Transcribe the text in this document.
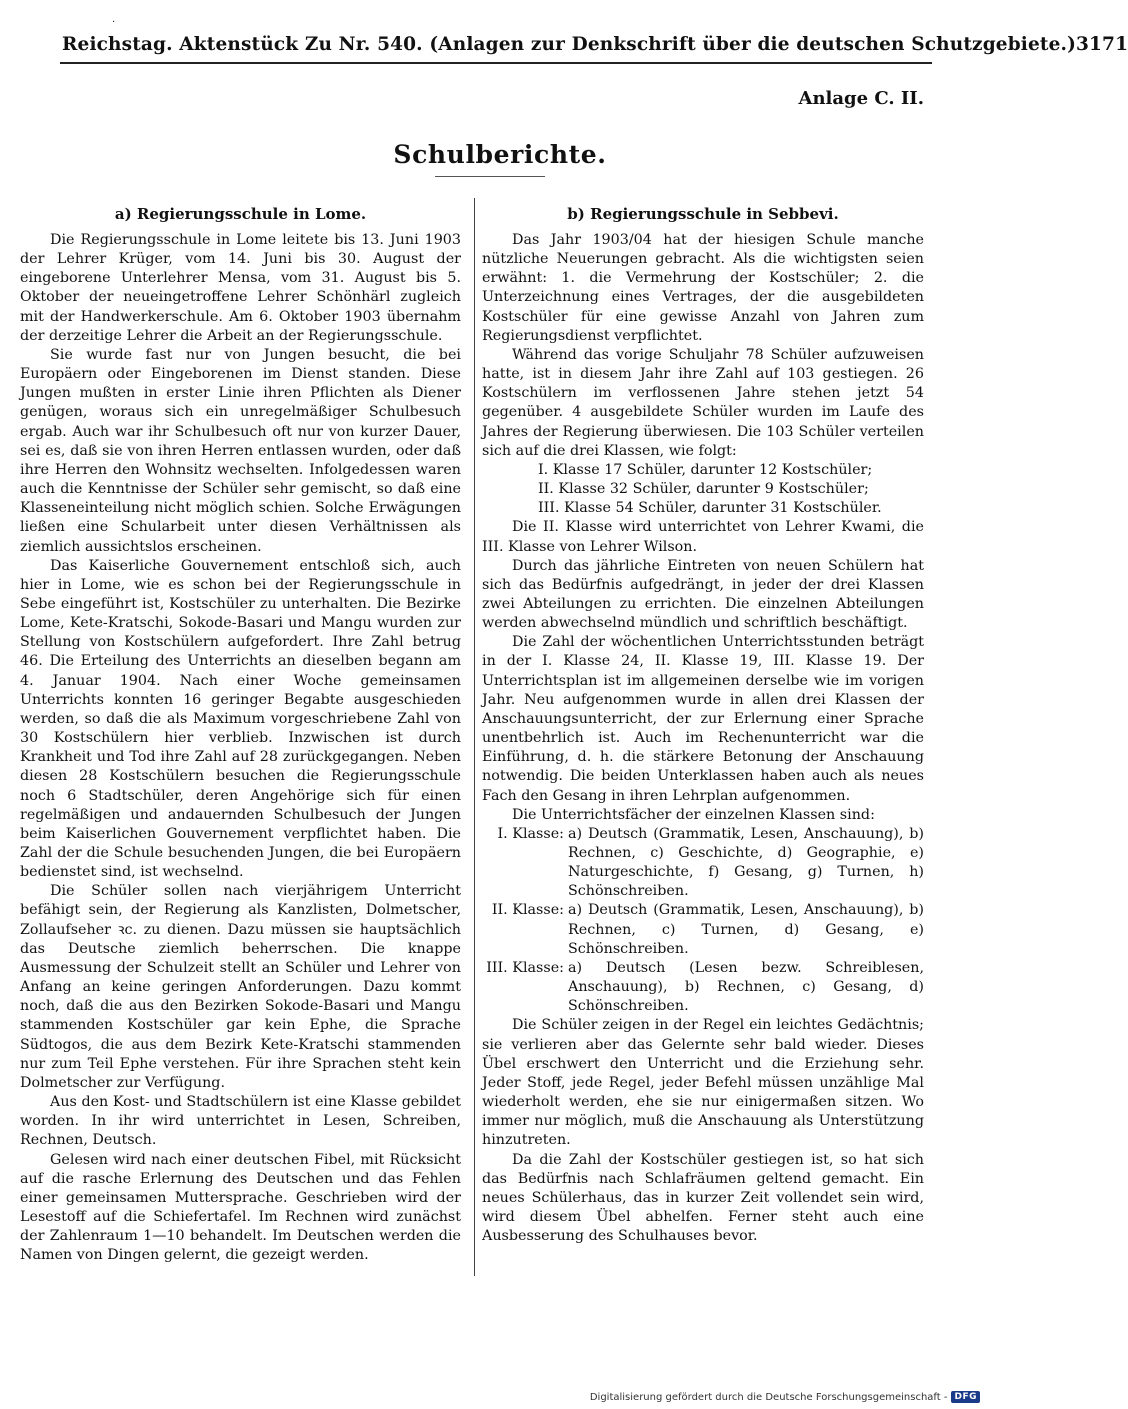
.
Reichstag. Aktenstück Zu Nr. 540. (Anlagen zur Denkschrift über die deutschen Schutzgebiete.) 3171
Anlage C. II.
Schulberichte.
a) Regierungsschule in Lome.

Die Regierungsschule in Lome leitete bis 13. Juni 1903 der Lehrer Krüger, vom 14. Juni bis 30. August der eingeborene Unterlehrer Mensa, vom 31. August bis 5. Oktober der neueingetroffene Lehrer Schönhärl zugleich mit der Handwerkerschule. Am 6. Oktober 1903 übernahm der derzeitige Lehrer die Arbeit an der Regierungsschule.

Sie wurde fast nur von Jungen besucht, die bei Europäern oder Eingeborenen im Dienst standen. Diese Jungen mußten in erster Linie ihren Pflichten als Diener genügen, woraus sich ein unregelmäßiger Schulbesuch ergab. Auch war ihr Schulbesuch oft nur von kurzer Dauer, sei es, daß sie von ihren Herren entlassen wurden, oder daß ihre Herren den Wohnsitz wechselten. Infolgedessen waren auch die Kenntnisse der Schüler sehr gemischt, so daß eine Klasseneinteilung nicht möglich schien. Solche Erwägungen ließen eine Schularbeit unter diesen Verhältnissen als ziemlich aussichtslos erscheinen.

Das Kaiserliche Gouvernement entschloß sich, auch hier in Lome, wie es schon bei der Regierungsschule in Sebe eingeführt ist, Kostschüler zu unterhalten. Die Bezirke Lome, Kete-Kratschi, Sokode-Basari und Mangu wurden zur Stellung von Kostschülern aufgefordert. Ihre Zahl betrug 46. Die Erteilung des Unterrichts an dieselben begann am 4. Januar 1904. Nach einer Woche gemeinsamen Unterrichts konnten 16 geringer Begabte ausgeschieden werden, so daß die als Maximum vorgeschriebene Zahl von 30 Kostschülern hier verblieb. Inzwischen ist durch Krankheit und Tod ihre Zahl auf 28 zurückgegangen. Neben diesen 28 Kostschülern besuchen die Regierungsschule noch 6 Stadtschüler, deren Angehörige sich für einen regelmäßigen und andauernden Schulbesuch der Jungen beim Kaiserlichen Gouvernement verpflichtet haben. Die Zahl der die Schule besuchenden Jungen, die bei Europäern bedienstet sind, ist wechselnd.

Die Schüler sollen nach vierjährigem Unterricht befähigt sein, der Regierung als Kanzlisten, Dolmetscher, Zollaufseher ꝛc. zu dienen. Dazu müssen sie hauptsächlich das Deutsche ziemlich beherrschen. Die knappe Ausmessung der Schulzeit stellt an Schüler und Lehrer von Anfang an keine geringen Anforderungen. Dazu kommt noch, daß die aus den Bezirken Sokode-Basari und Mangu stammenden Kostschüler gar kein Ephe, die Sprache Südtogos, die aus dem Bezirk Kete-Kratschi stammenden nur zum Teil Ephe verstehen. Für ihre Sprachen steht kein Dolmetscher zur Verfügung.

Aus den Kost- und Stadtschülern ist eine Klasse gebildet worden. In ihr wird unterrichtet in Lesen, Schreiben, Rechnen, Deutsch.

Gelesen wird nach einer deutschen Fibel, mit Rücksicht auf die rasche Erlernung des Deutschen und das Fehlen einer gemeinsamen Muttersprache. Geschrieben wird der Lesestoff auf die Schiefertafel. Im Rechnen wird zunächst der Zahlenraum 1—10 behandelt. Im Deutschen werden die Namen von Dingen gelernt, die gezeigt werden.

b) Regierungsschule in Sebbevi.

Das Jahr 1903/04 hat der hiesigen Schule manche nützliche Neuerungen gebracht. Als die wichtigsten seien erwähnt: 1. die Vermehrung der Kostschüler; 2. die Unterzeichnung eines Vertrages, der die ausgebildeten Kostschüler für eine gewisse Anzahl von Jahren zum Regierungsdienst verpflichtet.

Während das vorige Schuljahr 78 Schüler aufzuweisen hatte, ist in diesem Jahr ihre Zahl auf 103 gestiegen. 26 Kostschülern im verflossenen Jahre stehen jetzt 54 gegenüber. 4 ausgebildete Schüler wurden im Laufe des Jahres der Regierung überwiesen. Die 103 Schüler verteilen sich auf die drei Klassen, wie folgt:

I. Klasse 17 Schüler, darunter 12 Kostschüler;
II. Klasse 32 Schüler, darunter 9 Kostschüler;
III. Klasse 54 Schüler, darunter 31 Kostschüler.

Die II. Klasse wird unterrichtet von Lehrer Kwami, die III. Klasse von Lehrer Wilson.

Durch das jährliche Eintreten von neuen Schülern hat sich das Bedürfnis aufgedrängt, in jeder der drei Klassen zwei Abteilungen zu errichten. Die einzelnen Abteilungen werden abwechselnd mündlich und schriftlich beschäftigt.

Die Zahl der wöchentlichen Unterrichtsstunden beträgt in der I. Klasse 24, II. Klasse 19, III. Klasse 19. Der Unterrichtsplan ist im allgemeinen derselbe wie im vorigen Jahr. Neu aufgenommen wurde in allen drei Klassen der Anschauungsunterricht, der zur Erlernung einer Sprache unentbehrlich ist. Auch im Rechenunterricht war die Einführung, d. h. die stärkere Betonung der Anschauung notwendig. Die beiden Unterklassen haben auch als neues Fach den Gesang in ihren Lehrplan aufgenommen.

Die Unterrichtsfächer der einzelnen Klassen sind:

I. Klasse: a) Deutsch (Grammatik, Lesen, Anschauung), b) Rechnen, c) Geschichte, d) Geographie, e) Naturgeschichte, f) Gesang, g) Turnen, h) Schönschreiben.
II. Klasse: a) Deutsch (Grammatik, Lesen, Anschauung), b) Rechnen, c) Turnen, d) Gesang, e) Schönschreiben.
III. Klasse: a) Deutsch (Lesen bezw. Schreiblesen, Anschauung), b) Rechnen, c) Gesang, d) Schönschreiben.

Die Schüler zeigen in der Regel ein leichtes Gedächtnis; sie verlieren aber das Gelernte sehr bald wieder. Dieses Übel erschwert den Unterricht und die Erziehung sehr. Jeder Stoff, jede Regel, jeder Befehl müssen unzählige Mal wiederholt werden, ehe sie nur einigermaßen sitzen. Wo immer nur möglich, muß die Anschauung als Unterstützung hinzutreten.

Da die Zahl der Kostschüler gestiegen ist, so hat sich das Bedürfnis nach Schlafräumen geltend gemacht. Ein neues Schülerhaus, das in kurzer Zeit vollendet sein wird, wird diesem Übel abhelfen. Ferner steht auch eine Ausbesserung des Schulhauses bevor.

Digitalisierung gefördert durch die Deutsche Forschungsgemeinschaft - DFG
